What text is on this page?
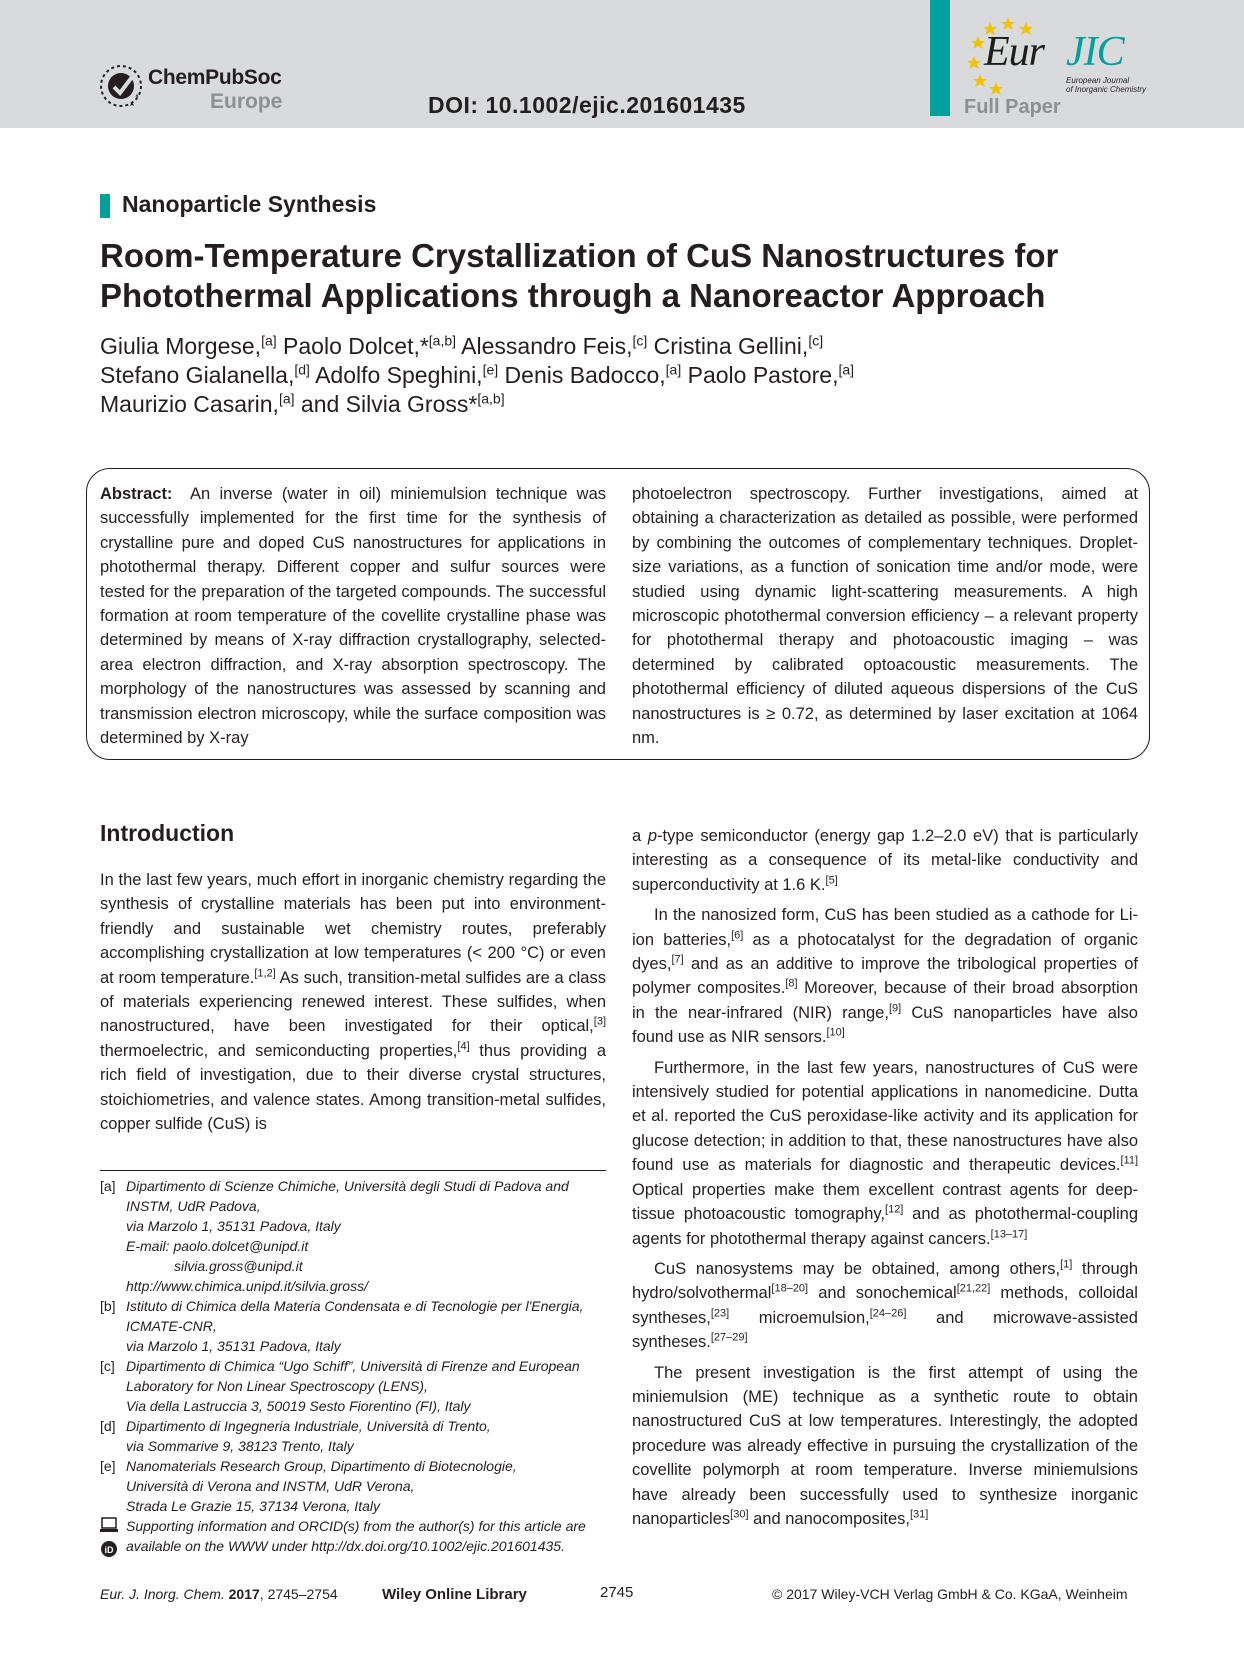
ChemPubSoc
Europe	DOI: 10.1002/ejic.201601435
Eur JIC
European Journal
of Inorganic Chemistry
Full Paper
Nanoparticle Synthesis
Room-Temperature Crystallization of CuS Nanostructures for
Photothermal Applications through a Nanoreactor Approach
Giulia Morgese,[a] Paolo Dolcet,*[a,b] Alessandro Feis,[c] Cristina Gellini,[c]
Stefano Gialanella,[d] Adolfo Speghini,[e] Denis Badocco,[a] Paolo Pastore,[a]
Maurizio Casarin,[a] and Silvia Gross*[a,b]
Abstract: An inverse (water in oil) miniemulsion technique was successfully implemented for the first time for the synthesis of crystalline pure and doped CuS nanostructures for applications in photothermal therapy. Different copper and sulfur sources were tested for the preparation of the targeted compounds. The successful formation at room temperature of the covellite crystalline phase was determined by means of X-ray diffraction crystallography, selected-area electron diffraction, and X-ray absorption spectroscopy. The morphology of the nanostructures was assessed by scanning and transmission electron microscopy, while the surface composition was determined by X-ray
photoelectron spectroscopy. Further investigations, aimed at obtaining a characterization as detailed as possible, were performed by combining the outcomes of complementary techniques. Droplet-size variations, as a function of sonication time and/or mode, were studied using dynamic light-scattering measurements. A high microscopic photothermal conversion efficiency – a relevant property for photothermal therapy and photoacoustic imaging – was determined by calibrated optoacoustic measurements. The photothermal efficiency of diluted aqueous dispersions of the CuS nanostructures is ≥ 0.72, as determined by laser excitation at 1064 nm.
Introduction

In the last few years, much effort in inorganic chemistry regarding the synthesis of crystalline materials has been put into environment-friendly and sustainable wet chemistry routes, preferably accomplishing crystallization at low temperatures (< 200 °C) or even at room temperature.[1,2] As such, transition-metal sulfides are a class of materials experiencing renewed interest. These sulfides, when nanostructured, have been investigated for their optical,[3] thermoelectric, and semiconducting properties,[4] thus providing a rich field of investigation, due to their diverse crystal structures, stoichiometries, and valence states. Among transition-metal sulfides, copper sulfide (CuS) is

a p-type semiconductor (energy gap 1.2–2.0 eV) that is particularly interesting as a consequence of its metal-like conductivity and superconductivity at 1.6 K.[5]

In the nanosized form, CuS has been studied as a cathode for Li-ion batteries,[6] as a photocatalyst for the degradation of organic dyes,[7] and as an additive to improve the tribological properties of polymer composites.[8] Moreover, because of their broad absorption in the near-infrared (NIR) range,[9] CuS nanoparticles have also found use as NIR sensors.[10]

Furthermore, in the last few years, nanostructures of CuS were intensively studied for potential applications in nanomedicine. Dutta et al. reported the CuS peroxidase-like activity and its application for glucose detection; in addition to that, these nanostructures have also found use as materials for diagnostic and therapeutic devices.[11] Optical properties make them excellent contrast agents for deep-tissue photoacoustic tomography,[12] and as photothermal-coupling agents for photothermal therapy against cancers.[13–17]

CuS nanosystems may be obtained, among others,[1] through hydro/solvothermal[18–20] and sonochemical[21,22] methods, colloidal syntheses,[23] microemulsion,[24–26] and microwave-assisted syntheses.[27–29]

The present investigation is the first attempt of using the miniemulsion (ME) technique as a synthetic route to obtain nanostructured CuS at low temperatures. Interestingly, the adopted procedure was already effective in pursuing the crystallization of the covellite polymorph at room temperature. Inverse miniemulsions have already been successfully used to synthesize inorganic nanoparticles[30] and nanocomposites,[31]

[a] Dipartimento di Scienze Chimiche, Università degli Studi di Padova and
INSTM, UdR Padova,
via Marzolo 1, 35131 Padova, Italy
E-mail: paolo.dolcet@unipd.it
silvia.gross@unipd.it
http://www.chimica.unipd.it/silvia.gross/
[b] Istituto di Chimica della Materia Condensata e di Tecnologie per l'Energia,
ICMATE-CNR,
via Marzolo 1, 35131 Padova, Italy
[c] Dipartimento di Chimica “Ugo Schiff”, Università di Firenze and European
Laboratory for Non Linear Spectroscopy (LENS),
Via della Lastruccia 3, 50019 Sesto Fiorentino (FI), Italy
[d] Dipartimento di Ingegneria Industriale, Università di Trento,
via Sommarive 9, 38123 Trento, Italy
[e] Nanomaterials Research Group, Dipartimento di Biotecnologie,
Università di Verona and INSTM, UdR Verona,
Strada Le Grazie 15, 37134 Verona, Italy
Supporting information and ORCID(s) from the author(s) for this article are
available on the WWW under http://dx.doi.org/10.1002/ejic.201601435.
iD
Eur. J. Inorg. Chem. 2017, 2745–2754	Wiley Online Library	2745	© 2017 Wiley-VCH Verlag GmbH & Co. KGaA, Weinheim
